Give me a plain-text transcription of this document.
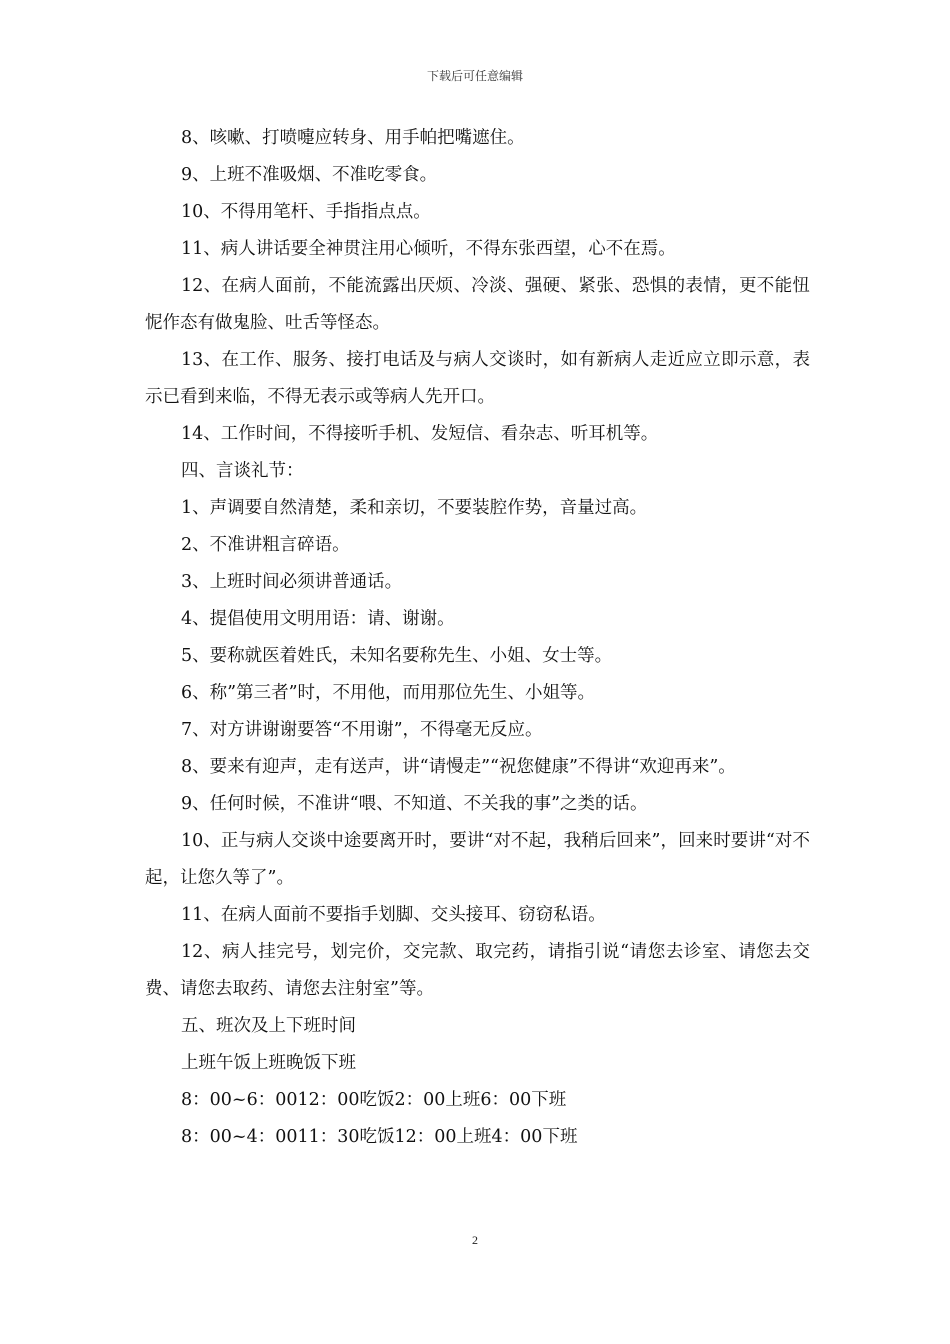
下载后可任意编辑

8、咳嗽、打喷嚏应转身、用手帕把嘴遮住。

9、上班不准吸烟、不准吃零食。

10、不得用笔杆、手指指点点。

11、病人讲话要全神贯注用心倾听，不得东张西望，心不在焉。

12、在病人面前，不能流露出厌烦、冷淡、强硬、紧张、恐惧的表情，更不能忸怩作态有做鬼脸、吐舌等怪态。

13、在工作、服务、接打电话及与病人交谈时，如有新病人走近应立即示意，表示已看到来临，不得无表示或等病人先开口。

14、工作时间，不得接听手机、发短信、看杂志、听耳机等。

四、言谈礼节：

1、声调要自然清楚，柔和亲切，不要装腔作势，音量过高。

2、不准讲粗言碎语。

3、上班时间必须讲普通话。

4、提倡使用文明用语：请、谢谢。

5、要称就医着姓氏，未知名要称先生、小姐、女士等。

6、称”第三者”时，不用他，而用那位先生、小姐等。

7、对方讲谢谢要答“不用谢”，不得毫无反应。

8、要来有迎声，走有送声，讲“请慢走”“祝您健康”不得讲“欢迎再来”。

9、任何时候，不准讲“喂、不知道、不关我的事”之类的话。

10、正与病人交谈中途要离开时，要讲“对不起，我稍后回来”，回来时要讲“对不起，让您久等了”。

11、在病人面前不要指手划脚、交头接耳、窃窃私语。

12、病人挂完号，划完价，交完款、取完药，请指引说“请您去诊室、请您去交费、请您去取药、请您去注射室”等。

五、班次及上下班时间

上班午饭上班晚饭下班

8：00~6：0012：00吃饭2：00上班6：00下班

8：00~4：0011：30吃饭12：00上班4：00下班

2
